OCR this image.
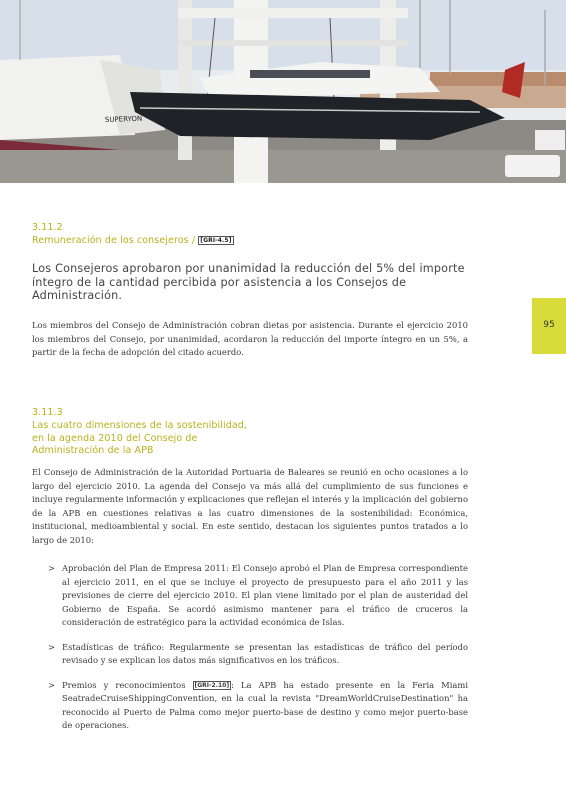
SUPERYON
95
3.11.2
Remuneración de los consejeros / [GRI-4.5]
Los Consejeros aprobaron por unanimidad la reducción del 5% del importe íntegro de la cantidad percibida por asistencia a los Consejos de Administración.
Los miembros del Consejo de Administración cobran dietas por asistencia. Durante el ejercicio 2010 los miembros del Consejo, por unanimidad, acordaron la reducción del importe íntegro en un 5%, a partir de la fecha de adopción del citado acuerdo.
3.11.3
Las cuatro dimensiones de la sostenibilidad,
en la agenda 2010 del Consejo de
Administración de la APB
El Consejo de Administración de la Autoridad Portuaria de Baleares se reunió en ocho ocasiones a lo largo del ejercicio 2010. La agenda del Consejo va más allá del cumplimiento de sus funciones e incluye regularmente información y explicaciones que reflejan el interés y la implicación del gobierno de la APB en cuestiones relativas a las cuatro dimensiones de la sostenibilidad: Económica, institucional, medioambiental y social. En este sentido, destacan los siguientes puntos tratados a lo largo de 2010:
> Aprobación del Plan de Empresa 2011: El Consejo aprobó el Plan de Empresa correspondiente al ejercicio 2011, en el que se incluye el proyecto de presupuesto para el año 2011 y las previsiones de cierre del ejercicio 2010. El plan viene limitado por el plan de austeridad del Gobierno de España. Se acordó asimismo mantener para el tráfico de cruceros la consideración de estratégico para la actividad económica de Islas.
> Estadísticas de tráfico: Regularmente se presentan las estadísticas de tráfico del período revisado y se explican los datos más significativos en los tráficos.
> Premios y reconocimientos [GRI-2.10] : La APB ha estado presente en la Feria Miami SeatradeCruiseShippingConvention, en la cual la revista "DreamWorldCruiseDestination" ha reconocido al Puerto de Palma como mejor puerto-base de destino y como mejor puerto-base de operaciones.
